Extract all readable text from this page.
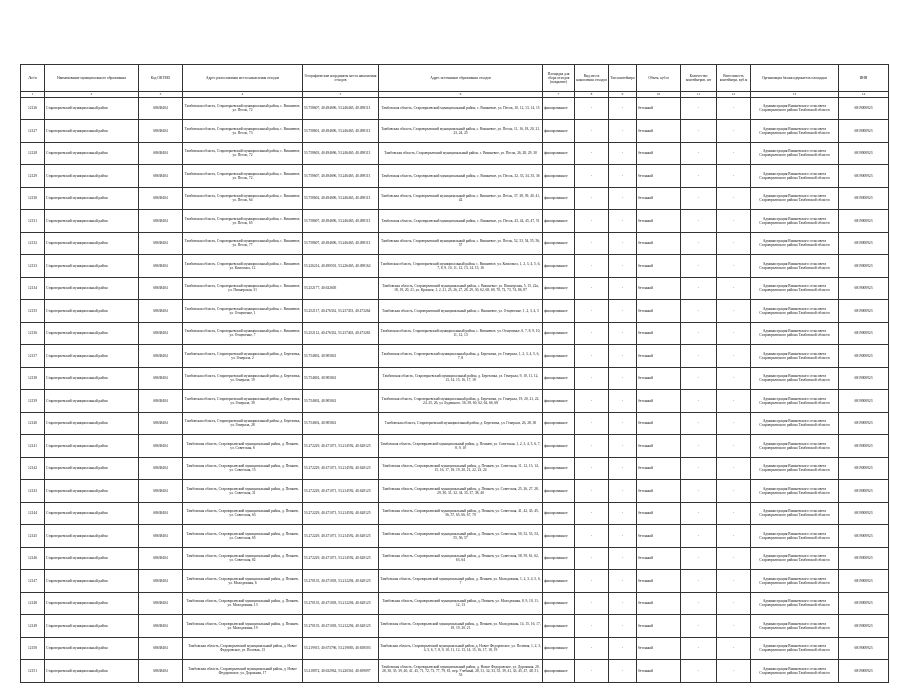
Лот/п	Наименование муниципального образования	Код ОКТМО	Адрес расположения места накопления отходов	Географические координаты места накопления отходов	Адрес источников образования отходов	Площадка для сбора отходов (покрытие)	Вид места накопления отходов	Тип контейнера	Объем, куб.м	Количество контейнеров, шт	Вместимость контейнера, куб.м	Организация балансодержатель площадки	ИНН
1	2	3	4	5	6	7	8	9	10	11	12	13	14
12126	Староюрьевский муниципальный район	68638404	Тамбовская область, Староюрьевский муниципальный район, с. Вишневое, ул. Песок, 72	53.758607, 40.494696, 53.246465, 40.498113	Тамбовская область, Староюрьевский муниципальный район, с. Вишневое, ул. Песок, 10, 12, 13, 14, 15	фиксированное	-	-	бетонный	-	-	Администрация Вишневского сельсовета Староюрьевского района Тамбовской области	6819000923
12127	Староюрьевский муниципальный район	68638404	Тамбовская область, Староюрьевский муниципальный район, с. Вишневое, ул. Песок, 73	53.758601, 40.494696, 53.246465, 40.498113	Тамбовская область, Староюрьевский муниципальный район, с. Вишневое, ул. Песок, 11, 16, 18, 20, 21, 23, 24, 25	фиксированное	-	-	бетонный	-	-	Администрация Вишневского сельсовета Староюрьевского района Тамбовской области	6819000923
12128	Староюрьевский муниципальный район	68638404	Тамбовская область, Староюрьевский муниципальный район, с. Вишневое, ул. Песок, 72	53.758603, 40.494696, 53.246465, 40.498113	Тамбовская область, Староюрьевский муниципальный район, с. Вишневое, ул. Песок, 26, 28, 29, 30	фиксированное	-	-	бетонный	-	-	Администрация Вишневского сельсовета Староюрьевского района Тамбовской области	6819000923
12129	Староюрьевский муниципальный район	68638404	Тамбовская область, Староюрьевский муниципальный район, с. Вишневое, ул. Песок, 72	53.758607, 40.494696, 53.246465, 40.498113	Тамбовская область, Староюрьевский муниципальный район, с. Вишневое, ул. Песок, 32, 33, 34, 35, 36	фиксированное	-	-	бетонный	-	-	Администрация Вишневского сельсовета Староюрьевского района Тамбовской области	6819000923
12130	Староюрьевский муниципальный район	68638404	Тамбовская область, Староюрьевский муниципальный район, с. Вишневое, ул. Песок, 64	53.758602, 40.494696, 53.246465, 40.498113	Тамбовская область, Староюрьевский муниципальный район, с. Вишневое, ул. Песок, 37, 38, 39, 40, 41, 42	фиксированное	-	-	бетонный	-	-	Администрация Вишневского сельсовета Староюрьевского района Тамбовской области	6819000923
12131	Староюрьевский муниципальный район	68638404	Тамбовская область, Староюрьевский муниципальный район, с. Вишневое, ул. Песок, 65	53.758607, 40.494696, 53.246465, 40.498113	Тамбовская область, Староюрьевский муниципальный район, с. Вишневое, ул. Песок, 43, 44, 45, 47, 51	фиксированное	-	-	бетонный	-	-	Администрация Вишневского сельсовета Староюрьевского района Тамбовской области	6819000923
12132	Староюрьевский муниципальный район	68638404	Тамбовская область, Староюрьевский муниципальный район, с. Вишневое, ул. Песок, 77	53.758607, 40.494696, 53.246465, 40.498113	Тамбовская область, Староюрьевский муниципальный район, с. Вишневое, ул. Песок, 52, 53, 54, 55, 56, 57	фиксированное	-	-	бетонный	-	-	Администрация Вишневского сельсовета Староюрьевского района Тамбовской области	6819000923
12133	Староюрьевский муниципальный район	68638404	Тамбовская область, Староюрьевский муниципальный район, с. Вишневое, ул. Комсомол, 12	53.226214, 40.490501, 53.226465, 40.498162	Тамбовская область, Староюрьевский муниципальный район, с. Вишневое, ул. Комсомол, 1, 2, 3, 4, 5, 6, 7, 8, 9, 10, 11, 12, 13, 14, 15, 16	фиксированное	-	-	бетонный	-	-	Администрация Вишневского сельсовета Староюрьевского района Тамбовской области	6819000923
12134	Староюрьевский муниципальный район	68638404	Тамбовская область, Староюрьевский муниципальный район, с. Вишневое, ул. Пионерская, 31	53.252177, 40.632605	Тамбовская область, Староюрьевский муниципальный район, с. Вишневое, ул. Пионерская, 5, 15, 22а, 18, 19, 20, 21, ул. Краснея, 1, 2, 21, 25, 26, 27, 28, 29, 30, 62, 68, 69, 70, 72, 73, 74, 86, 87	фиксированное	-	-	бетонный	-	-	Администрация Вишневского сельсовета Староюрьевского района Тамбовской области	6819000923
12135	Староюрьевский муниципальный район	68638404	Тамбовская область, Староюрьевский муниципальный район, с. Вишневое, ул. Отщепенье, 1	53.252117, 40.476332, 53.237453, 40.473264	Тамбовская область, Староюрьевский муниципальный район, с. Вишневое, ул. Отщепенье, 1, 2, 3, 4, 5	фиксированное	-	-	бетонный	-	-	Администрация Вишневского сельсовета Староюрьевского района Тамбовской области	6819000923
12136	Староюрьевский муниципальный район	68638404	Тамбовская область, Староюрьевский муниципальный район, с. Вишневое, ул. Отщепенье, 7	53.252112, 40.476332, 53.237463, 40.473263	Тамбовская область, Староюрьевский муниципальный район, с. Вишневое, ул. Отщепенье, 6, 7, 8, 9, 10, 11, 12, 13	фиксированное	-	-	бетонный	-	-	Администрация Вишневского сельсовета Староюрьевского района Тамбовской области	6819000923
12137	Староюрьевский муниципальный район	68638404	Тамбовская область, Староюрьевский муниципальный район, д. Березовка, ул. Генерала, 2	53.754692, 40.905841	Тамбовская область, Староюрьевский муниципальный район, д. Березовка, ул. Генерала, 1, 2, 3, 4, 5, 6, 7, 8	фиксированное	-	-	бетонный	-	-	Администрация Вишневского сельсовета Староюрьевского района Тамбовской области	6819000923
12138	Староюрьевский муниципальный район	68638404	Тамбовская область, Староюрьевский муниципальный район, д. Березовка, ул. Генерала, 19	53.754692, 40.905841	Тамбовская область, Староюрьевский муниципальный район, д. Березовка, ул. Генерала, 9, 10, 11, 12, 13, 14, 15, 16, 17, 18	фиксированное	-	-	бетонный	-	-	Администрация Вишневского сельсовета Староюрьевского района Тамбовской области	6819000923
12139	Староюрьевский муниципальный район	68638404	Тамбовская область, Староюрьевский муниципальный район, д. Березовка, ул. Генерала, 30	53.754692, 40.905841	Тамбовская область, Староюрьевский муниципальный район, д. Березовка, ул. Генерала, 19, 20, 21, 22, 24, 25, 26, ул. Буденного, 56, 58, 60, 62, 64, 66, 68	фиксированное	-	-	бетонный	-	-	Администрация Вишневского сельсовета Староюрьевского района Тамбовской области	6819000923
12140	Староюрьевский муниципальный район	68638404	Тамбовская область, Староюрьевский муниципальный район, д. Березовка, ул. Генерала, 28	53.754692, 40.905841	Тамбовская область, Староюрьевский муниципальный район, д. Березовка, ул. Генерала, 26, 28, 30	фиксированное	-	-	бетонный	-	-	Администрация Вишневского сельсовета Староюрьевского района Тамбовской области	6819000923
12141	Староюрьевский муниципальный район	68638404	Тамбовская область, Староюрьевский муниципальный район, д. Пешнев, ул. Советская, 6	53.272229, 40.471071, 53.214592, 40.628125	Тамбовская область, Староюрьевский муниципальный район, д. Пешнев, ул. Советская, 1, 2, 3, 4, 5, 6, 7, 8, 9, 10	фиксированное	-	-	бетонный	-	-	Администрация Вишневского сельсовета Староюрьевского района Тамбовской области	6819000923
12142	Староюрьевский муниципальный район	68638404	Тамбовская область, Староюрьевский муниципальный район, д. Пешнев, ул. Советская, 15	53.272229, 40.471071, 53.214592, 40.628125	Тамбовская область, Староюрьевский муниципальный район, д. Пешнев, ул. Советская, 11, 12, 13, 14, 15, 16, 17, 18, 19, 20, 21, 22, 23, 24	фиксированное	-	-	бетонный	-	-	Администрация Вишневского сельсовета Староюрьевского района Тамбовской области	6819000923
12143	Староюрьевский муниципальный район	68638404	Тамбовская область, Староюрьевский муниципальный район, д. Пешнев, ул. Советская, 31	53.272229, 40.471071, 53.214592, 40.628125	Тамбовская область, Староюрьевский муниципальный район, д. Пешнев, ул. Советская, 25, 26, 27, 28, 29, 30, 31, 32, 34, 35, 37, 38, 40	фиксированное	-	-	бетонный	-	-	Администрация Вишневского сельсовета Староюрьевского района Тамбовской области	6819000923
12144	Староюрьевский муниципальный район	68638404	Тамбовская область, Староюрьевский муниципальный район, д. Пешнев, ул. Советская, 63	53.272229, 40.471071, 53.214592, 40.628125	Тамбовская область, Староюрьевский муниципальный район, д. Пешнев, ул. Советская, 41, 42, 43, 45, 56, 57, 65, 66, 67, 70	фиксированное	-	-	бетонный	-	-	Администрация Вишневского сельсовета Староюрьевского района Тамбовской области	6819000923
12145	Староюрьевский муниципальный район	68638404	Тамбовская область, Староюрьевский муниципальный район, д. Пешнев, ул. Советская, 65	53.272229, 40.471071, 53.214592, 40.628125	Тамбовская область, Староюрьевский муниципальный район, д. Пешнев, ул. Советская, 50, 52, 53, 54, 55, 56, 57	фиксированное	-	-	бетонный	-	-	Администрация Вишневского сельсовета Староюрьевского района Тамбовской области	6819000923
12146	Староюрьевский муниципальный район	68638404	Тамбовская область, Староюрьевский муниципальный район, д. Пешнев, ул. Советская, 82	53.272229, 40.471071, 53.214592, 40.628125	Тамбовская область, Староюрьевский муниципальный район, д. Пешнев, ул. Советская, 58, 59, 61, 62, 63, 64	фиксированное	-	-	бетонный	-	-	Администрация Вишневского сельсовета Староюрьевского района Тамбовской области	6819000923
12147	Староюрьевский муниципальный район	68638404	Тамбовская область, Староюрьевский муниципальный район, д. Пешнев, ул. Молодежная, 6	53.270135, 40.471003, 53.212294, 40.628125	Тамбовская область, Староюрьевский муниципальный район, д. Пешнев, ул. Молодежная, 1, 2, 3, 4, 5, 6, 7	фиксированное	-	-	бетонный	-	-	Администрация Вишневского сельсовета Староюрьевского района Тамбовской области	6819000923
12148	Староюрьевский муниципальный район	68638404	Тамбовская область, Староюрьевский муниципальный район, д. Пешнев, ул. Молодежная, 13	53.270135, 40.471003, 53.212294, 40.628125	Тамбовская область, Староюрьевский муниципальный район, д. Пешнев, ул. Молодежная, 8, 9, 10, 11, 12, 13	фиксированное	-	-	бетонный	-	-	Администрация Вишневского сельсовета Староюрьевского района Тамбовской области	6819000923
12149	Староюрьевский муниципальный район	68638404	Тамбовская область, Староюрьевский муниципальный район, д. Пешнев, ул. Молодежная, 19	53.270135, 40.471003, 53.212294, 40.628125	Тамбовская область, Староюрьевский муниципальный район, д. Пешнев, ул. Молодежная, 14, 15, 16, 17, 18, 19, 20, 21	фиксированное	-	-	бетонный	-	-	Администрация Вишневского сельсовета Староюрьевского района Тамбовской области	6819000923
12150	Староюрьевский муниципальный район	68638404	Тамбовская область, Староюрьевский муниципальный район, д. Новое Федоровское, ул. Полевая, 13	53.219915, 40.673796, 53.219083, 40.658503	Тамбовская область, Староюрьевский муниципальный район, д. Новое Федоровское, ул. Полевая, 1, 2, 3, 4, 5, 6, 7, 8, 9, 10, 11, 12, 13, 14, 15, 16, 17, 18, 19	фиксированное	-	-	бетонный	-	-	Администрация Вишневского сельсовета Староюрьевского района Тамбовской области	6819000923
12151	Староюрьевский муниципальный район	68638404	Тамбовская область, Староюрьевский муниципальный район, д. Новое Федоровское, ул. Дорожная, 17	53.218072, 40.632962, 53.220361, 40.659097	Тамбовская область, Староюрьевский муниципальный район, д. Новое Федоровское, ул. Дорожная, 20, 28, 30, 35, 39, 40, 41, 45, 71, 72, 73, 77, 79, 81, пер. Учебный, 28, 31, 32, 33, 35, 39, 41, 43, 45, 47, 48, 51, 53	фиксированное	-	-	бетонный	-	-	Администрация Вишневского сельсовета Староюрьевского района Тамбовской области	6819000923
